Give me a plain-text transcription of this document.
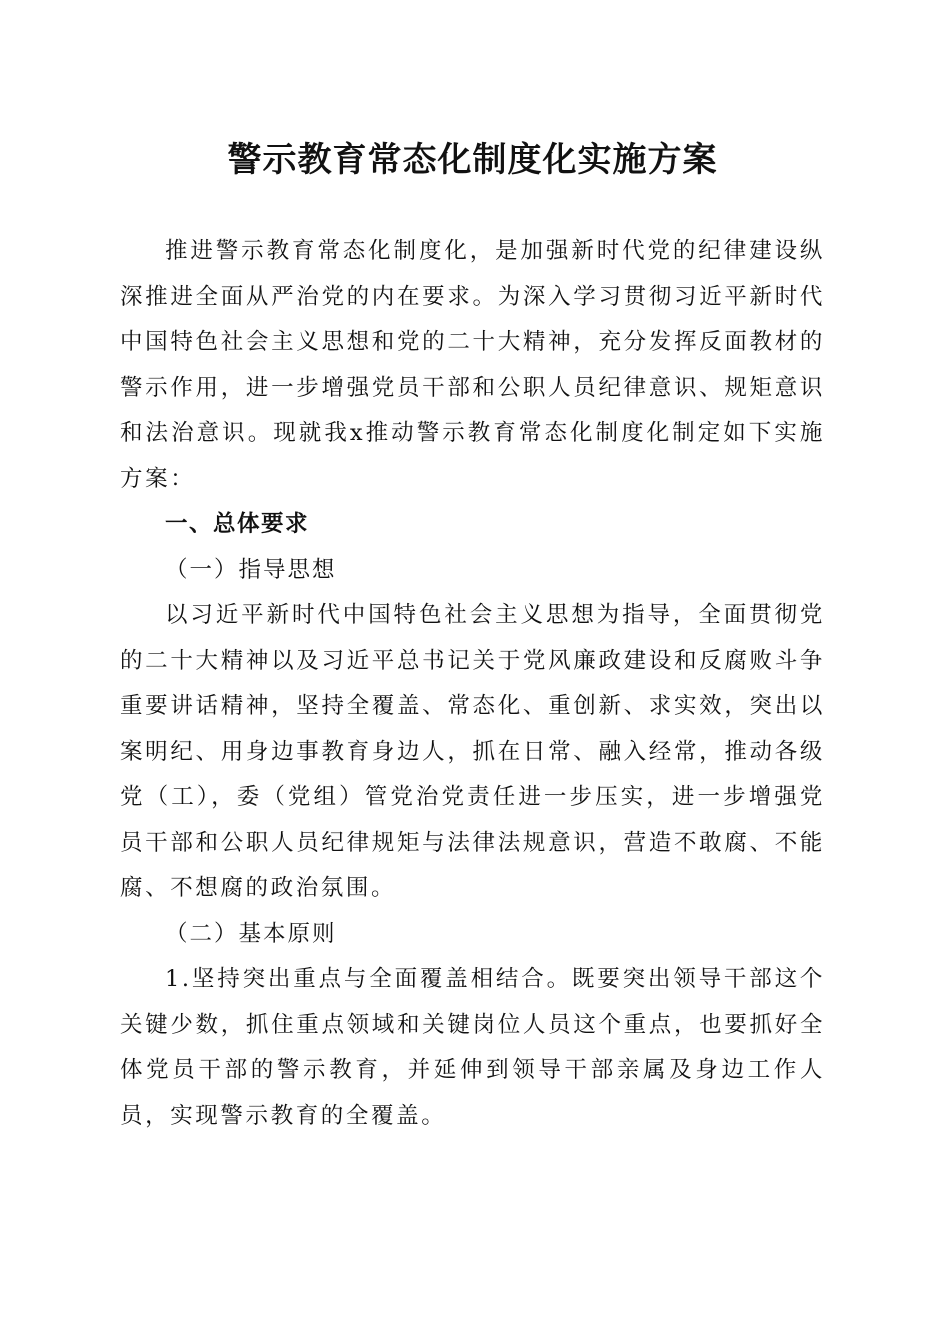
警示教育常态化制度化实施方案

推进警示教育常态化制度化，是加强新时代党的纪律建设纵深推进全面从严治党的内在要求。为深入学习贯彻习近平新时代中国特色社会主义思想和党的二十大精神，充分发挥反面教材的警示作用，进一步增强党员干部和公职人员纪律意识、规矩意识和法治意识。现就我x推动警示教育常态化制度化制定如下实施方案：

一、总体要求

（一）指导思想

以习近平新时代中国特色社会主义思想为指导，全面贯彻党的二十大精神以及习近平总书记关于党风廉政建设和反腐败斗争重要讲话精神，坚持全覆盖、常态化、重创新、求实效，突出以案明纪、用身边事教育身边人，抓在日常、融入经常，推动各级党（工），委（党组）管党治党责任进一步压实，进一步增强党员干部和公职人员纪律规矩与法律法规意识，营造不敢腐、不能腐、不想腐的政治氛围。

（二）基本原则

1.坚持突出重点与全面覆盖相结合。既要突出领导干部这个关键少数，抓住重点领域和关键岗位人员这个重点，也要抓好全体党员干部的警示教育，并延伸到领导干部亲属及身边工作人员，实现警示教育的全覆盖。
